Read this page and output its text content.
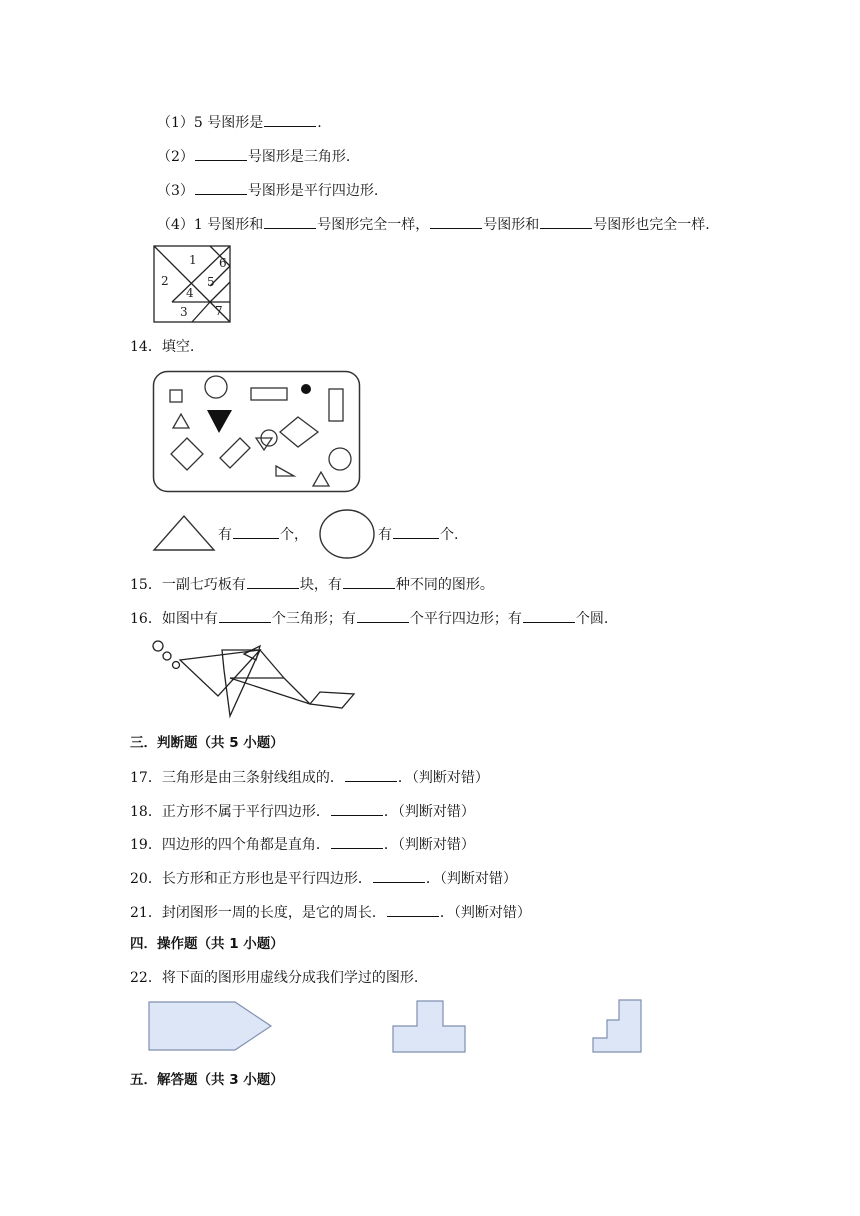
（1）5 号图形是	.
（2）	号图形是三角形.
（3）	号图形是平行四边形.
（4）1 号图形和	号图形完全一样，	号图形和	号图形也完全一样.
1
2
3
4
5
6
7
14．填空.
有	个，	有	个.
15．一副七巧板有	块，有	种不同的图形。
16．如图中有	个三角形；有	个平行四边形；有	个圆.
三．判断题（共 5 小题）
17．三角形是由三条射线组成的．	．（判断对错）
18．正方形不属于平行四边形．	．（判断对错）
19．四边形的四个角都是直角．	．（判断对错）
20．长方形和正方形也是平行四边形．	．（判断对错）
21．封闭图形一周的长度，是它的周长．	．（判断对错）
四．操作题（共 1 小题）
22．将下面的图形用虚线分成我们学过的图形.
五．解答题（共 3 小题）
